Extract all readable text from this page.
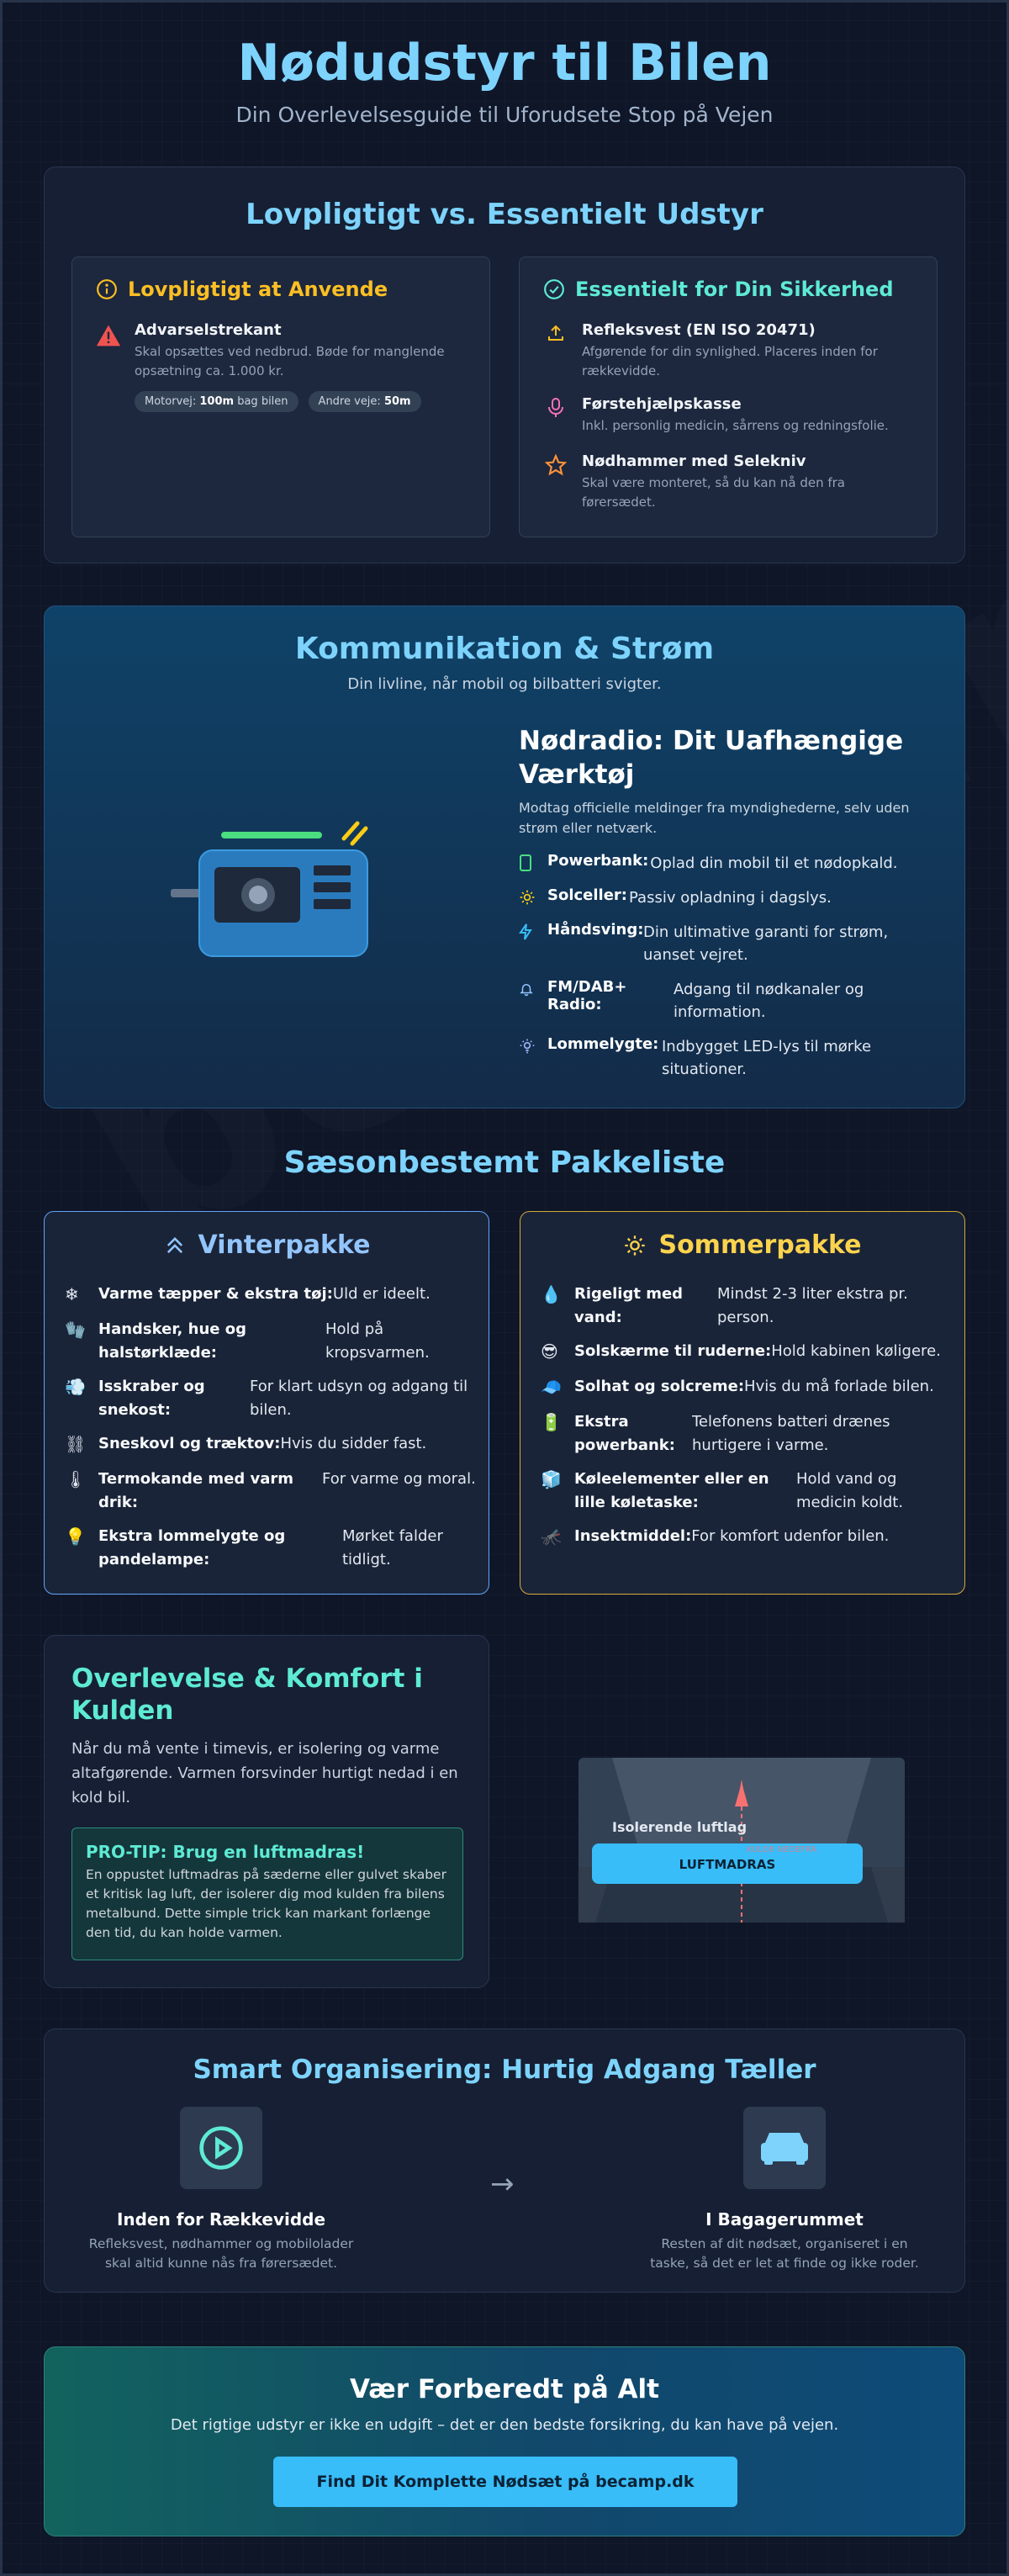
Nødudstyr til Bilen
Din Overlevelsesguide til Uforudsete Stop på Vejen
Lovpligtigt vs. Essentielt Udstyr
Lovpligtigt at Anvende
Advarselstrekant
Skal opsættes ved nedbrud. Bøde for manglende opsætning ca. 1.000 kr.
Motorvej: 100m bag bilen	Andre veje: 50m
Essentielt for Din Sikkerhed
Refleksvest (EN ISO 20471)
Afgørende for din synlighed. Placeres inden for rækkevidde.
Førstehjælpskasse
Inkl. personlig medicin, sårrens og redningsfolie.
Nødhammer med Selekniv
Skal være monteret, så du kan nå den fra førersædet.
Kommunikation & Strøm
Din livline, når mobil og bilbatteri svigter.
Nødradio: Dit Uafhængige Værktøj
Modtag officielle meldinger fra myndighederne, selv uden strøm eller netværk.
Powerbank: Oplad din mobil til et nødopkald.
Solceller: Passiv opladning i dagslys.
Håndsving: Din ultimative garanti for strøm, uanset vejret.
FM/DAB+ Radio:
Adgang til nødkanaler og information.
Lommelygte: Indbygget LED-lys til mørke situationer.
Sæsonbestemt Pakkeliste
Vinterpakke
❄	Varme tæpper & ekstra tøj: Uld er ideelt.
🧤 Handsker, hue og halstørklæde:
Hold på kropsvarmen.
💨 Isskraber og snekost:
For klart udsyn og adgang til bilen.
⛓ Sneskovl og træktov: Hvis du sidder fast.
🌡 Termokande med varm drik:
For varme og moral.
💡 Ekstra lommelygte og pandelampe:
Mørket falder tidligt.
Sommerpakke
💧 Rigeligt med vand:
Mindst 2-3 liter ekstra pr. person.
😎	Solskærme til ruderne: Hold kabinen køligere.
🧢 Solhat og solcreme: Hvis du må forlade bilen.
🔋 Ekstra powerbank:
Telefonens batteri drænes hurtigere i varme.
🧊 Køleelementer eller en lille køletaske:
Hold vand og medicin koldt.
🦟 Insektmiddel: For komfort udenfor bilen.
Overlevelse & Komfort i Kulden

Når du må vente i timevis, er isolering og varme altafgørende. Varmen forsvinder hurtigt nedad i en kold bil.

PRO-TIP: Brug en luftmadras!
En oppustet luftmadras på sæderne eller gulvet skaber et kritisk lag luft, der isolerer dig mod kulden fra bilens metalbund. Dette simple trick kan markant forlænge den tid, du kan holde varmen.
Isolerende luftlag
LUFTMADRAS
KULDE NEDEFRA
Smart Organisering: Hurtig Adgang Tæller
Inden for Rækkevidde
Refleksvest, nødhammer og mobilolader skal altid kunne nås fra førersædet.
→
I Bagagerummet
Resten af dit nødsæt, organiseret i en taske, så det er let at finde og ikke roder.
Vær Forberedt på Alt
Det rigtige udstyr er ikke en udgift – det er den bedste forsikring, du kan have på vejen.
Find Dit Komplette Nødsæt på becamp.dk
